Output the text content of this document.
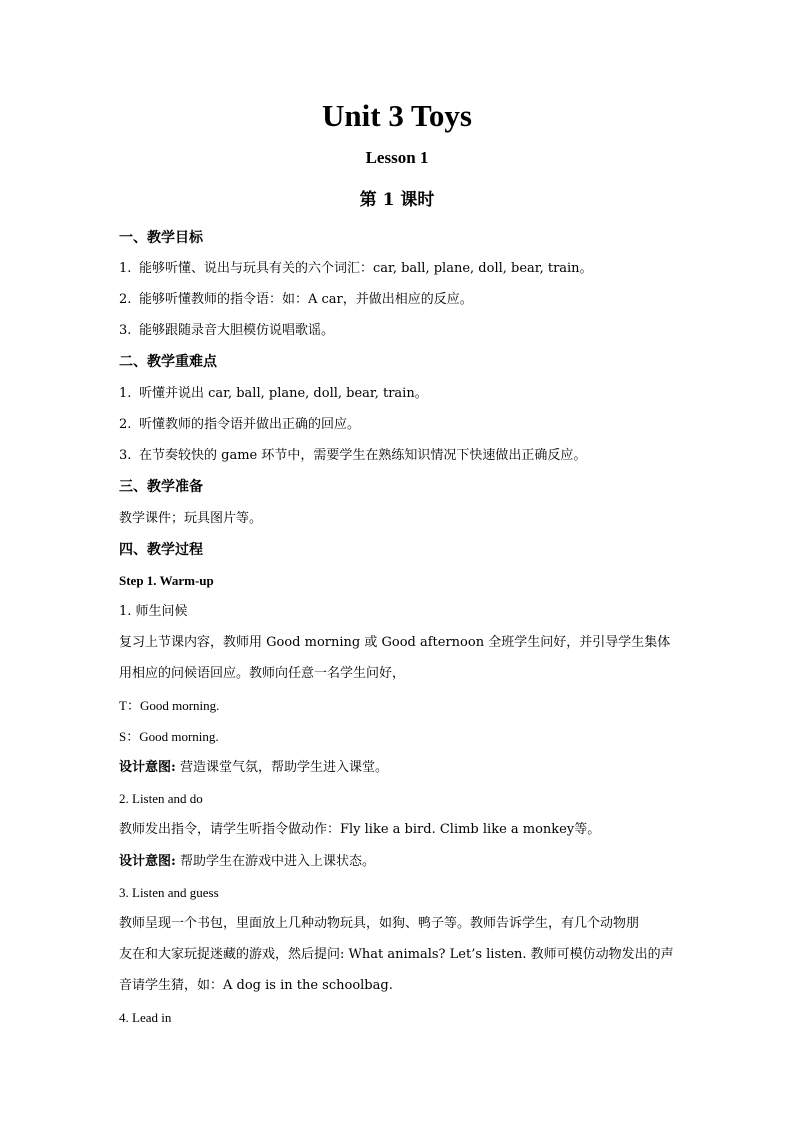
Unit 3 Toys
Lesson 1
第 1 课时
一、教学目标
1. 能够听懂、说出与玩具有关的六个词汇：car, ball, plane, doll, bear, train。
2. 能够听懂教师的指令语：如：A car，并做出相应的反应。
3. 能够跟随录音大胆模仿说唱歌谣。
二、教学重难点
1. 听懂并说出 car, ball, plane, doll, bear, train。
2. 听懂教师的指令语并做出正确的回应。
3. 在节奏较快的 game 环节中，需要学生在熟练知识情况下快速做出正确反应。
三、教学准备
教学课件；玩具图片等。
四、教学过程
Step 1. Warm-up
1. 师生问候
复习上节课内容，教师用 Good morning 或 Good afternoon 全班学生问好，并引导学生集体
用相应的问候语回应。教师向任意一名学生问好，
T：Good morning.
S：Good morning.
设计意图: 营造课堂气氛，帮助学生进入课堂。
2. Listen and do
教师发出指令，请学生听指令做动作：Fly like a bird. Climb like a monkey等。
设计意图: 帮助学生在游戏中进入上课状态。
3. Listen and guess
教师呈现一个书包，里面放上几种动物玩具，如狗、鸭子等。教师告诉学生，有几个动物朋
友在和大家玩捉迷藏的游戏，然后提问: What animals? Let’s listen. 教师可模仿动物发出的声
音请学生猜，如：A dog is in the schoolbag.
4. Lead in
